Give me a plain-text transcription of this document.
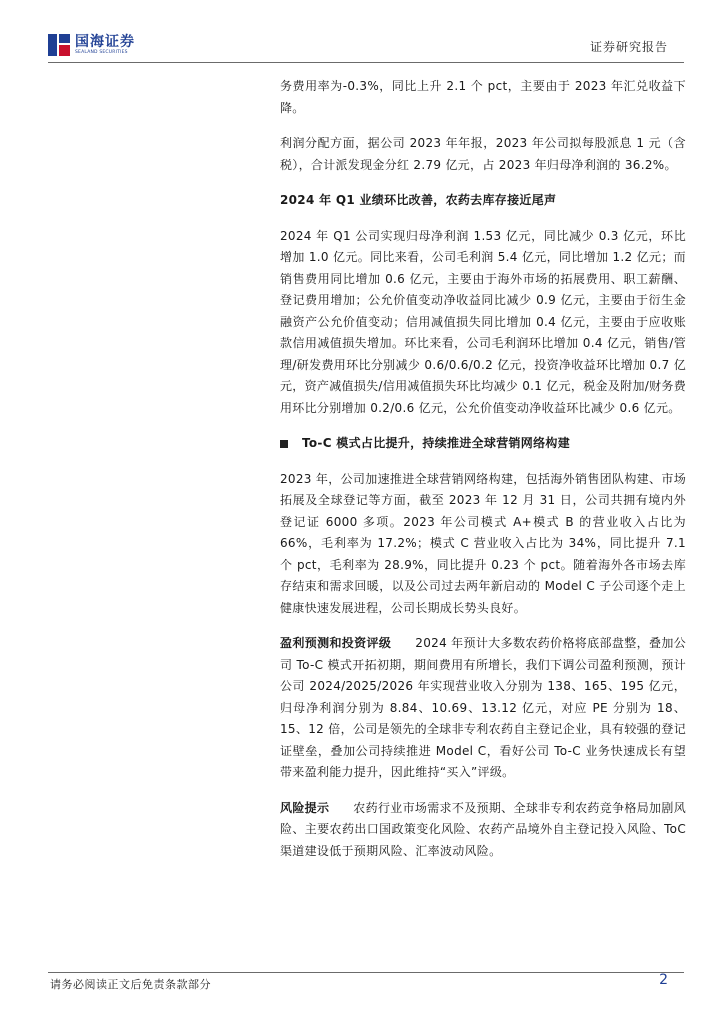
国海证券
SEALAND SECURITIES	证券研究报告

务费用率为-0.3%，同比上升 2.1 个 pct，主要由于 2023 年汇兑收益下降。

利润分配方面，据公司 2023 年年报，2023 年公司拟每股派息 1 元（含税），合计派发现金分红 2.79 亿元，占 2023 年归母净利润的 36.2%。

2024 年 Q1 业绩环比改善，农药去库存接近尾声

2024 年 Q1 公司实现归母净利润 1.53 亿元，同比减少 0.3 亿元，环比增加 1.0 亿元。同比来看，公司毛利润 5.4 亿元，同比增加 1.2 亿元；而销售费用同比增加 0.6 亿元，主要由于海外市场的拓展费用、职工薪酬、登记费用增加；公允价值变动净收益同比减少 0.9 亿元，主要由于衍生金融资产公允价值变动；信用减值损失同比增加 0.4 亿元，主要由于应收账款信用减值损失增加。环比来看，公司毛利润环比增加 0.4 亿元，销售/管理/研发费用环比分别减少 0.6/0.6/0.2 亿元，投资净收益环比增加 0.7 亿元，资产减值损失/信用减值损失环比均减少 0.1 亿元，税金及附加/财务费用环比分别增加 0.2/0.6 亿元，公允价值变动净收益环比减少 0.6 亿元。

To-C 模式占比提升，持续推进全球营销网络构建

2023 年，公司加速推进全球营销网络构建，包括海外销售团队构建、市场拓展及全球登记等方面，截至 2023 年 12 月 31 日，公司共拥有境内外登记证 6000 多项。2023 年公司模式 A+模式 B 的营业收入占比为 66%，毛利率为 17.2%；模式 C 营业收入占比为 34%，同比提升 7.1 个 pct，毛利率为 28.9%，同比提升 0.23 个 pct。随着海外各市场去库存结束和需求回暖，以及公司过去两年新启动的 Model C 子公司逐个走上健康快速发展进程，公司长期成长势头良好。

盈利预测和投资评级 2024 年预计大多数农药价格将底部盘整，叠加公司 To-C 模式开拓初期，期间费用有所增长，我们下调公司盈利预测，预计公司 2024/2025/2026 年实现营业收入分别为 138、165、195 亿元，归母净利润分别为 8.84、10.69、13.12 亿元，对应 PE 分别为 18、15、12 倍，公司是领先的全球非专利农药自主登记企业，具有较强的登记证壁垒，叠加公司持续推进 Model C，看好公司 To-C 业务快速成长有望带来盈利能力提升，因此维持“买入”评级。

风险提示 农药行业市场需求不及预期、全球非专利农药竞争格局加剧风险、主要农药出口国政策变化风险、农药产品境外自主登记投入风险、ToC 渠道建设低于预期风险、汇率波动风险。

请务必阅读正文后免责条款部分	2
